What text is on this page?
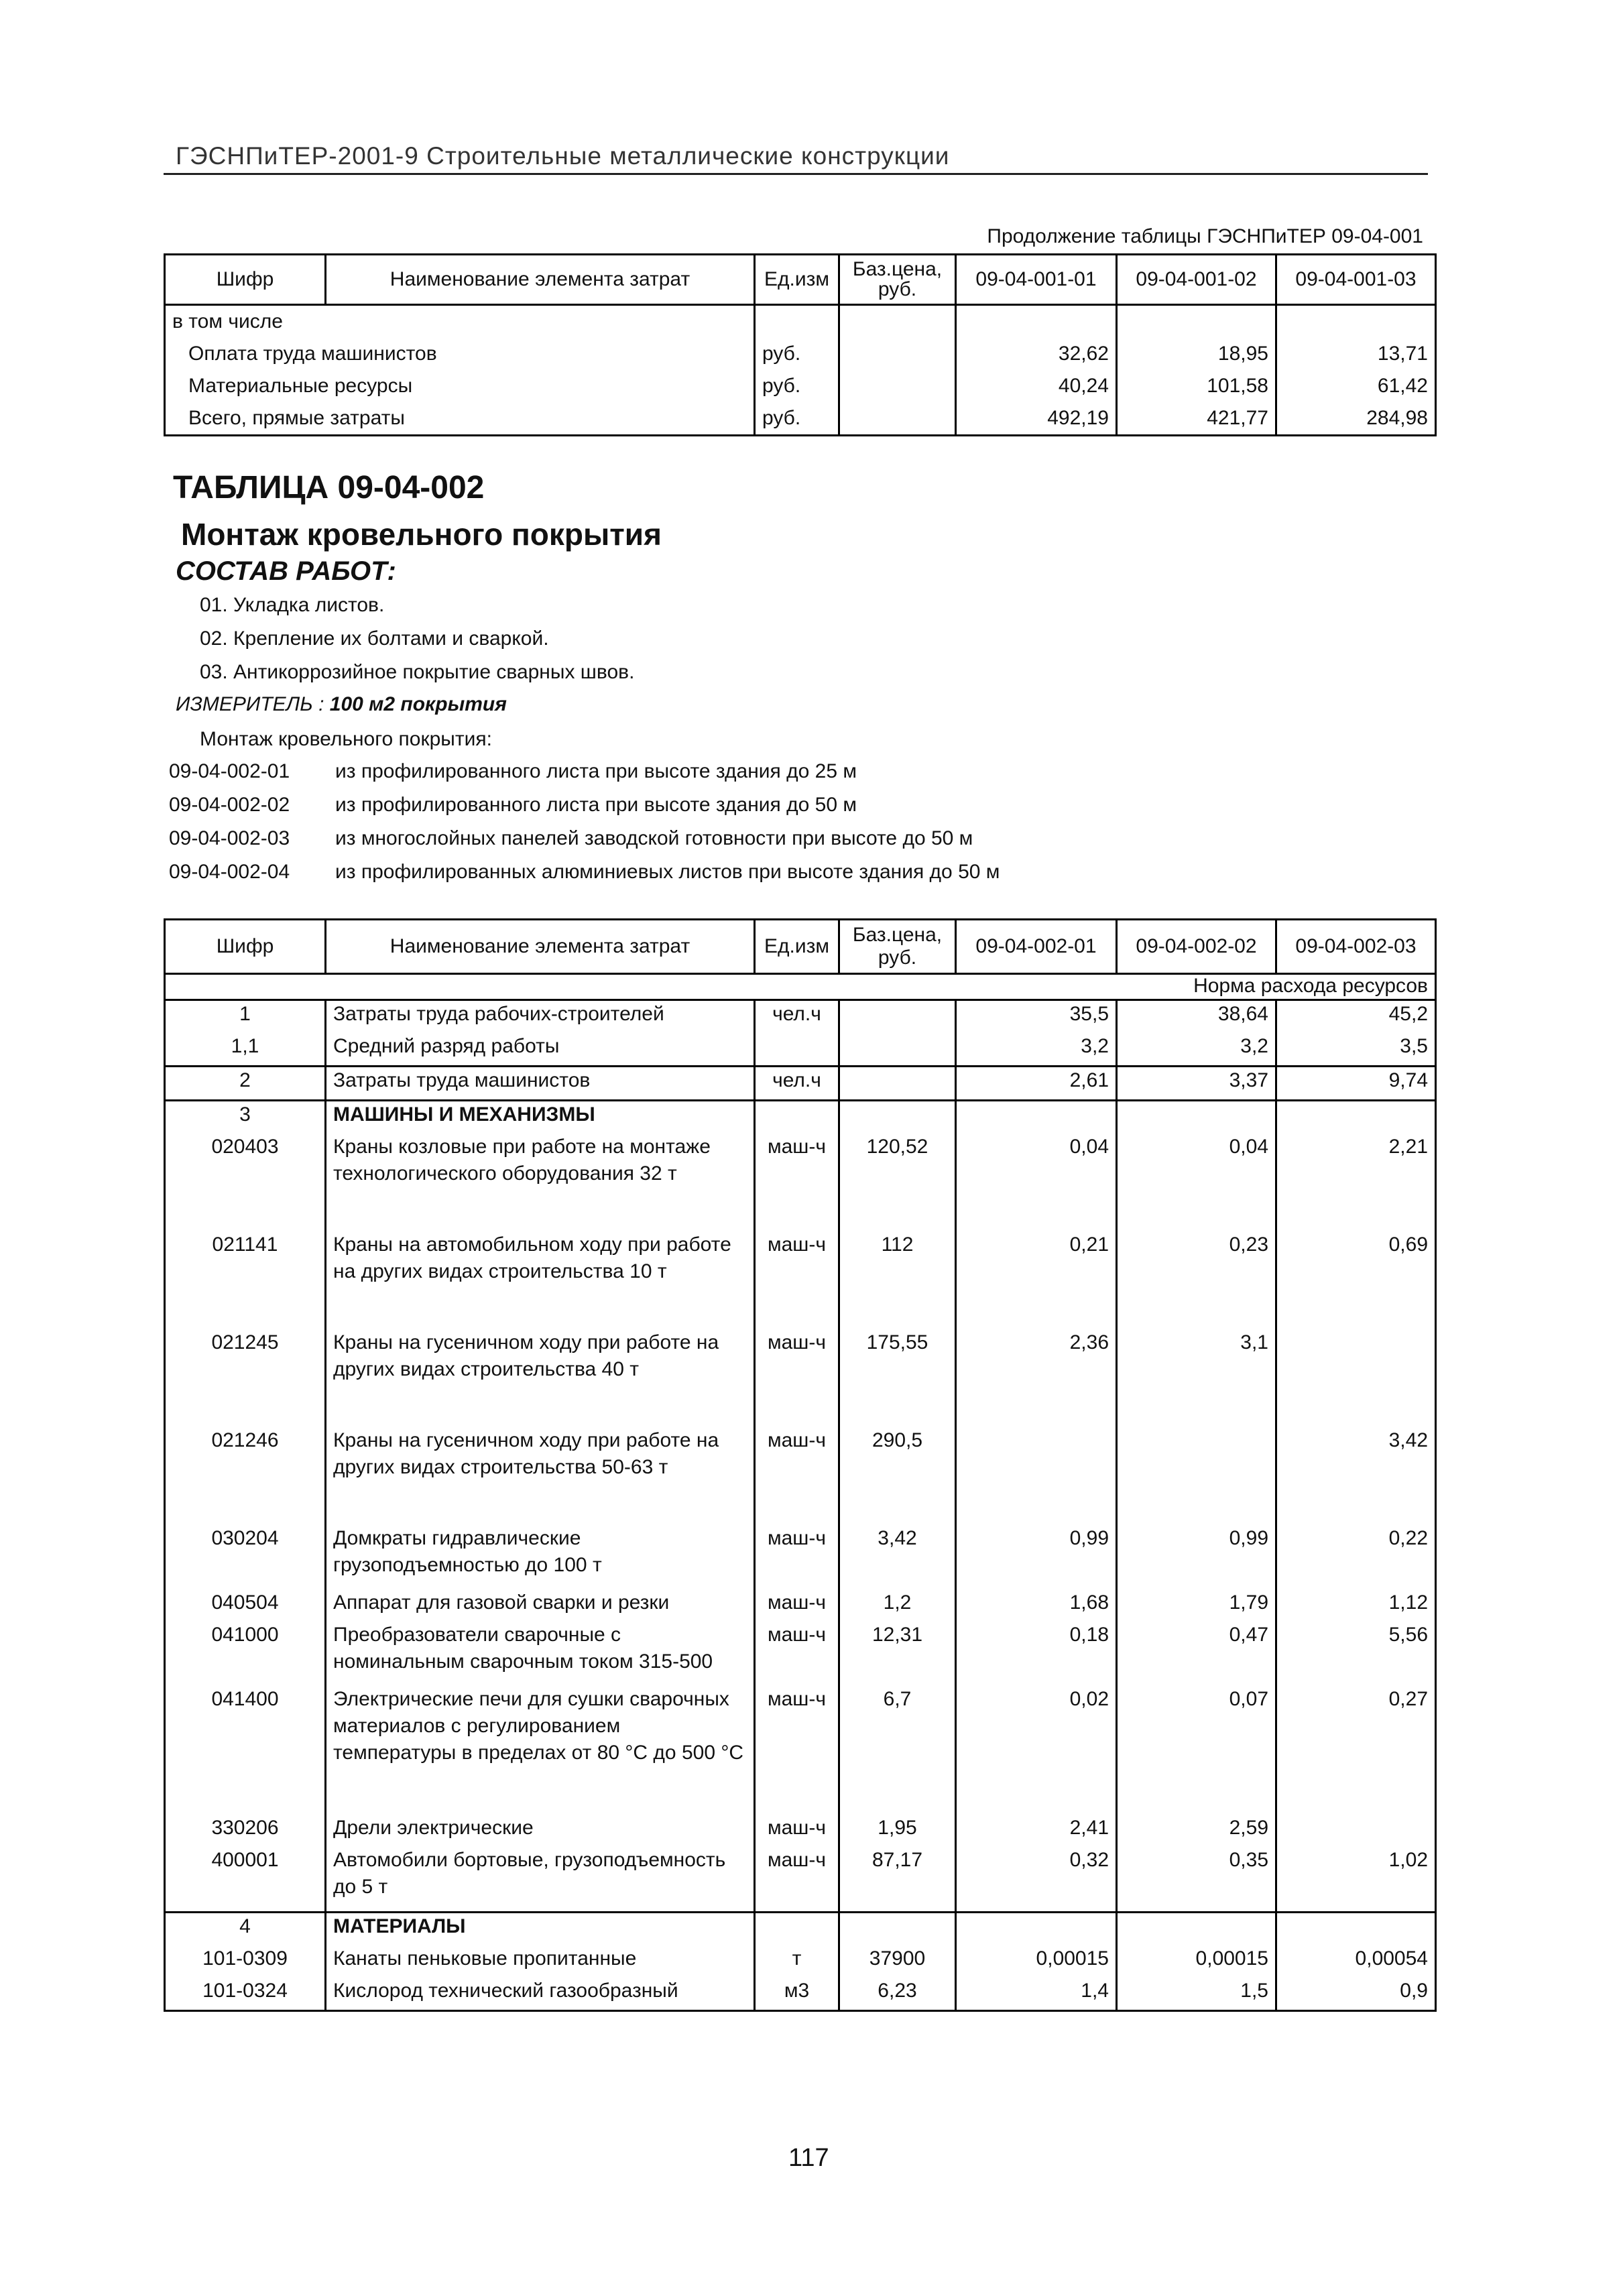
ГЭСНПиТЕР-2001-9 Строительные металлические конструкции
Продолжение таблицы ГЭСНПиТЕР 09-04-001
Шифр	Наименование элемента затрат	Ед.изм	Баз.цена, руб.	09-04-001-01	09-04-001-02	09-04-001-03
в том числе						
Оплата труда машинистов		руб.		32,62	18,95	13,71
Материальные ресурсы		руб.		40,24	101,58	61,42
Всего, прямые затраты		руб.		492,19	421,77	284,98
ТАБЛИЦА 09-04-002
Монтаж кровельного покрытия
СОСТАВ РАБОТ:
01. Укладка листов.
02. Крепление их болтами и сваркой.
03. Антикоррозийное покрытие сварных швов.
ИЗМЕРИТЕЛЬ : 100 м2 покрытия
Монтаж кровельного покрытия:
09-04-002-01 из профилированного листа при высоте здания до 25 м
09-04-002-02 из профилированного листа при высоте здания до 50 м
09-04-002-03 из многослойных панелей заводской готовности при высоте до 50 м
09-04-002-04 из профилированных алюминиевых листов при высоте здания до 50 м
Шифр	Наименование элемента затрат	Ед.изм	Баз.цена, руб.	09-04-002-01	09-04-002-02	09-04-002-03
Норма расхода ресурсов						
1	Затраты труда рабочих-строителей	чел.ч		35,5	38,64	45,2
1,1	Средний разряд работы			3,2	3,2	3,5
2	Затраты труда машинистов	чел.ч		2,61	3,37	9,74
3	МАШИНЫ И МЕХАНИЗМЫ					
020403	Краны козловые при работе на монтаже технологического оборудования 32 т	маш-ч	120,52	0,04	0,04	2,21
021141	Краны на автомобильном ходу при работе на других видах строительства 10 т	маш-ч	112	0,21	0,23	0,69
021245	Краны на гусеничном ходу при работе на других видах строительства 40 т	маш-ч	175,55	2,36	3,1	
021246	Краны на гусеничном ходу при работе на других видах строительства 50-63 т	маш-ч	290,5			3,42
030204	Домкраты гидравлические грузоподъемностью до 100 т	маш-ч	3,42	0,99	0,99	0,22
040504	Аппарат для газовой сварки и резки	маш-ч	1,2	1,68	1,79	1,12
041000	Преобразователи сварочные с номинальным сварочным током 315-500	маш-ч	12,31	0,18	0,47	5,56
041400	Электрические печи для сушки сварочных материалов с регулированием температуры в пределах от 80 °С до 500 °С	маш-ч	6,7	0,02	0,07	0,27
330206	Дрели электрические	маш-ч	1,95	2,41	2,59	
400001	Автомобили бортовые, грузоподъемность до 5 т	маш-ч	87,17	0,32	0,35	1,02
4	МАТЕРИАЛЫ					
101-0309	Канаты пеньковые пропитанные	т	37900	0,00015	0,00015	0,00054
101-0324	Кислород технический газообразный	м3	6,23	1,4	1,5	0,9
117
